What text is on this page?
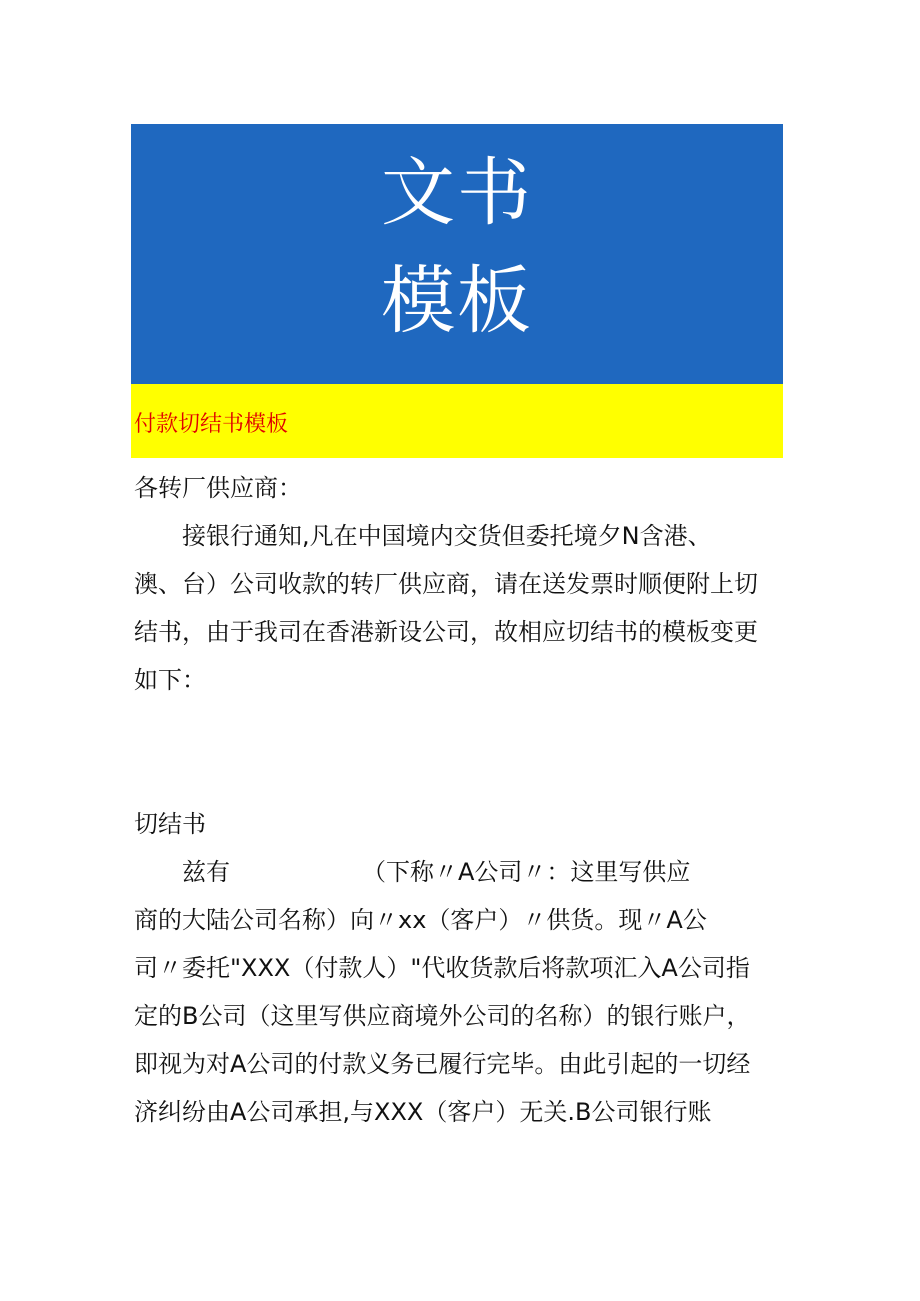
文书
模板
付款切结书模板
各转厂供应商：
　　接银行通知,凡在中国境内交货但委托境夕N含港、
澳、台）公司收款的转厂供应商，请在送发票时顺便附上切
结书，由于我司在香港新设公司，故相应切结书的模板变更
如下：
切结书
　　兹有　　　　　　（下称〃A公司〃：这里写供应
商的大陆公司名称）向〃xx（客户）〃供货。现〃A公
司〃委托"XXX（付款人）"代收货款后将款项汇入A公司指
定的B公司（这里写供应商境外公司的名称）的银行账户，
即视为对A公司的付款义务已履行完毕。由此引起的一切经
济纠纷由A公司承担,与XXX（客户）无关.B公司银行账
